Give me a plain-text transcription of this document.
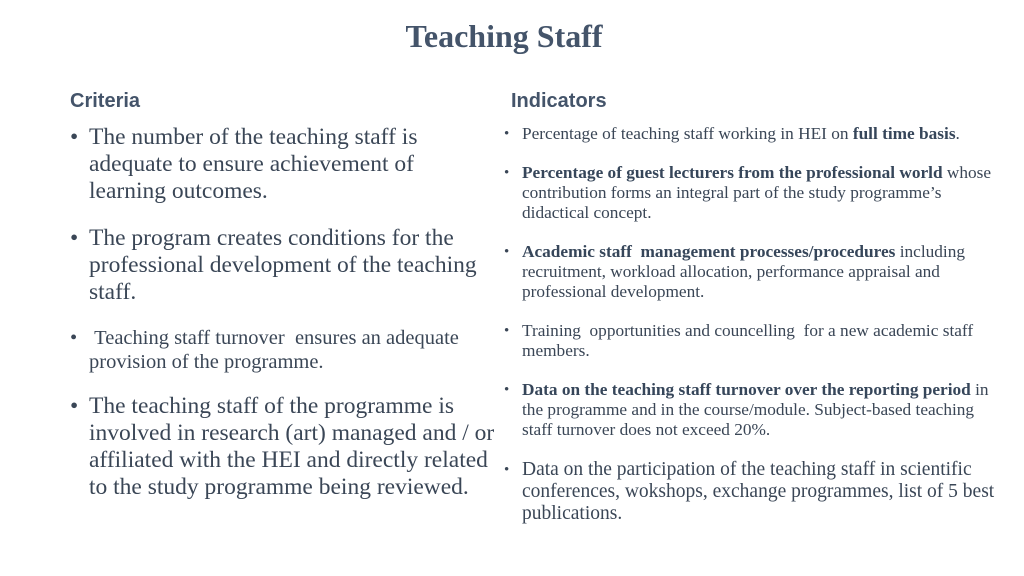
Teaching Staff
Criteria	Indicators
• The number of the teaching staff is adequate to ensure achievement of learning outcomes.
• The program creates conditions for the professional development of the teaching staff.
• Teaching staff turnover  ensures an adequate provision of the programme.
• The teaching staff of the programme is involved in research (art) managed and / or affiliated with the HEI and directly related to the study programme being reviewed.
• Percentage of teaching staff working in HEI on full time basis.
• Percentage of guest lecturers from the professional world whose contribution forms an integral part of the study programme’s didactical concept.
• Academic staff  management processes/procedures including recruitment, workload allocation, performance appraisal and professional development.
• Training  opportunities and councelling  for a new academic staff members.
• Data on the teaching staff turnover over the reporting period in the programme and in the course/module. Subject-based teaching staff turnover does not exceed 20%.
• Data on the participation of the teaching staff in scientific conferences, wokshops, exchange programmes, list of 5 best publications.
